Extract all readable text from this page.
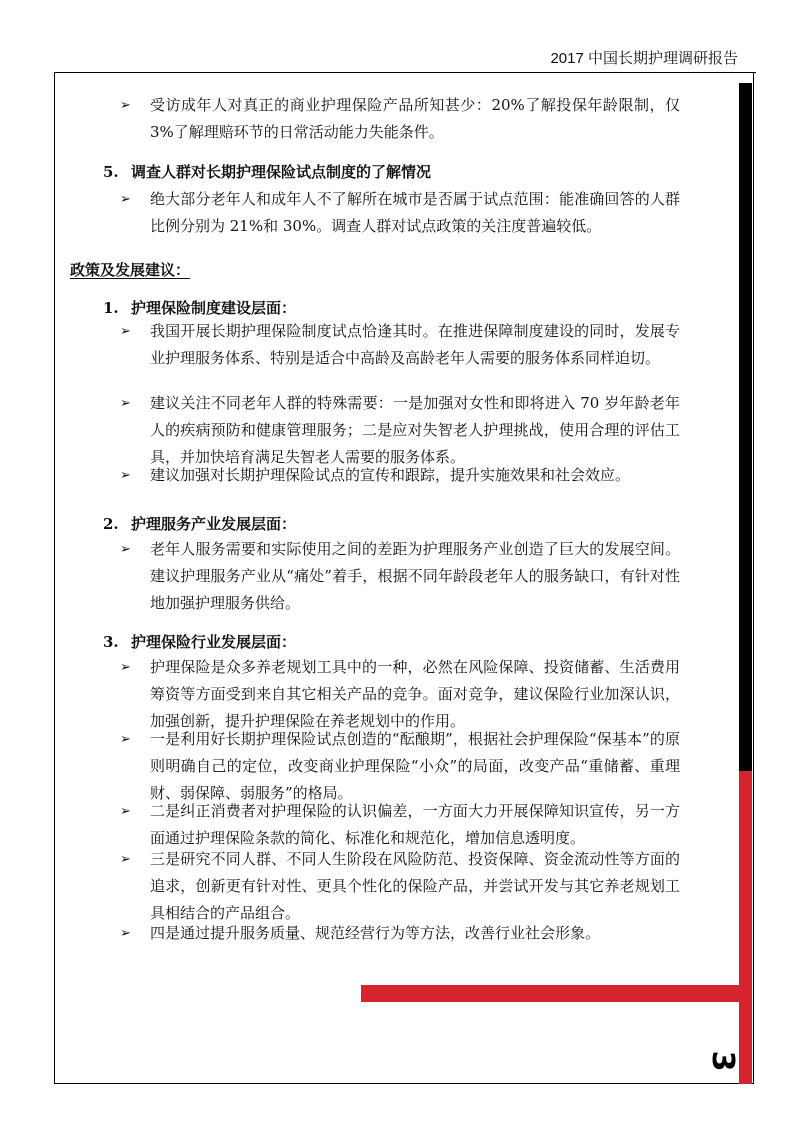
2017 中国长期护理调研报告
3
➢	受访成年人对真正的商业护理保险产品所知甚少：20%了解投保年龄限制，仅 3%了解理赔环节的日常活动能力失能条件。
5. 调查人群对长期护理保险试点制度的了解情况
➢	绝大部分老年人和成年人不了解所在城市是否属于试点范围：能准确回答的人群比例分别为 21%和 30%。调查人群对试点政策的关注度普遍较低。
政策及发展建议：
1. 护理保险制度建设层面：
➢	我国开展长期护理保险制度试点恰逢其时。在推进保障制度建设的同时，发展专业护理服务体系、特别是适合中高龄及高龄老年人需要的服务体系同样迫切。
➢	建议关注不同老年人群的特殊需要：一是加强对女性和即将进入 70 岁年龄老年人的疾病预防和健康管理服务；二是应对失智老人护理挑战，使用合理的评估工具，并加快培育满足失智老人需要的服务体系。
➢	建议加强对长期护理保险试点的宣传和跟踪，提升实施效果和社会效应。
2. 护理服务产业发展层面：
➢	老年人服务需要和实际使用之间的差距为护理服务产业创造了巨大的发展空间。建议护理服务产业从“痛处”着手，根据不同年龄段老年人的服务缺口，有针对性地加强护理服务供给。
3. 护理保险行业发展层面：
➢	护理保险是众多养老规划工具中的一种，必然在风险保障、投资储蓄、生活费用筹资等方面受到来自其它相关产品的竞争。面对竞争，建议保险行业加深认识，加强创新，提升护理保险在养老规划中的作用。
➢	一是利用好长期护理保险试点创造的“酝酿期”，根据社会护理保险“保基本”的原则明确自己的定位，改变商业护理保险“小众”的局面，改变产品“重储蓄、重理财、弱保障、弱服务”的格局。
➢	二是纠正消费者对护理保险的认识偏差，一方面大力开展保障知识宣传，另一方面通过护理保险条款的简化、标准化和规范化，增加信息透明度。
➢	三是研究不同人群、不同人生阶段在风险防范、投资保障、资金流动性等方面的追求，创新更有针对性、更具个性化的保险产品，并尝试开发与其它养老规划工具相结合的产品组合。
➢	四是通过提升服务质量、规范经营行为等方法，改善行业社会形象。
